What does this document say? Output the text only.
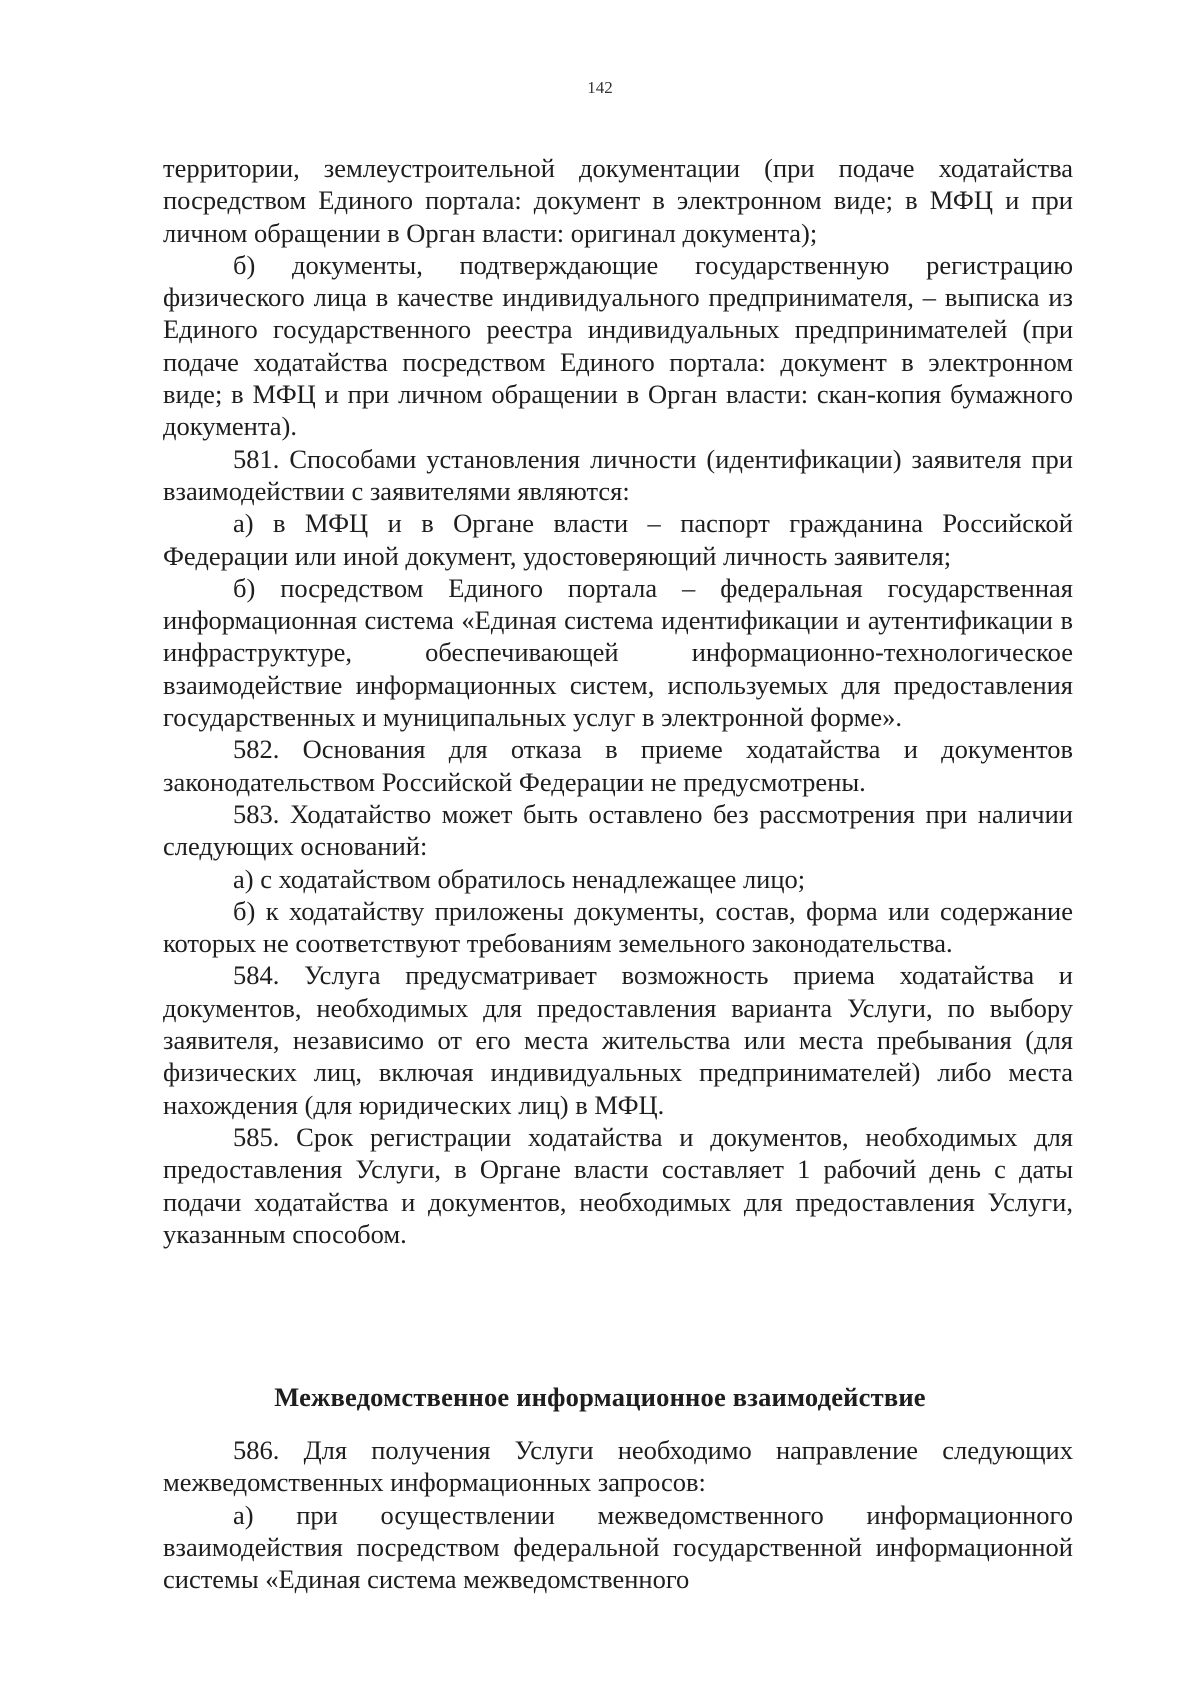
142

территории, землеустроительной документации (при подаче ходатайства посредством Единого портала: документ в электронном виде; в МФЦ и при личном обращении в Орган власти: оригинал документа);

б) документы, подтверждающие государственную регистрацию физического лица в качестве индивидуального предпринимателя, – выписка из Единого государственного реестра индивидуальных предпринимателей (при подаче ходатайства посредством Единого портала: документ в электронном виде; в МФЦ и при личном обращении в Орган власти: скан-копия бумажного документа).

581. Способами установления личности (идентификации) заявителя при взаимодействии с заявителями являются:

а) в МФЦ и в Органе власти – паспорт гражданина Российской Федерации или иной документ, удостоверяющий личность заявителя;

б) посредством Единого портала – федеральная государственная информационная система «Единая система идентификации и аутентификации в инфраструктуре, обеспечивающей информационно-технологическое взаимодействие информационных систем, используемых для предоставления государственных и муниципальных услуг в электронной форме».

582. Основания для отказа в приеме ходатайства и документов законодательством Российской Федерации не предусмотрены.

583. Ходатайство может быть оставлено без рассмотрения при наличии следующих оснований:

а) с ходатайством обратилось ненадлежащее лицо;

б) к ходатайству приложены документы, состав, форма или содержание которых не соответствуют требованиям земельного законодательства.

584. Услуга предусматривает возможность приема ходатайства и документов, необходимых для предоставления варианта Услуги, по выбору заявителя, независимо от его места жительства или места пребывания (для физических лиц, включая индивидуальных предпринимателей) либо места нахождения (для юридических лиц) в МФЦ.

585. Срок регистрации ходатайства и документов, необходимых для предоставления Услуги, в Органе власти составляет 1 рабочий день с даты подачи ходатайства и документов, необходимых для предоставления Услуги, указанным способом.

Межведомственное информационное взаимодействие

586. Для получения Услуги необходимо направление следующих межведомственных информационных запросов:

а) при осуществлении межведомственного информационного взаимодействия посредством федеральной государственной информационной системы «Единая система межведомственного
